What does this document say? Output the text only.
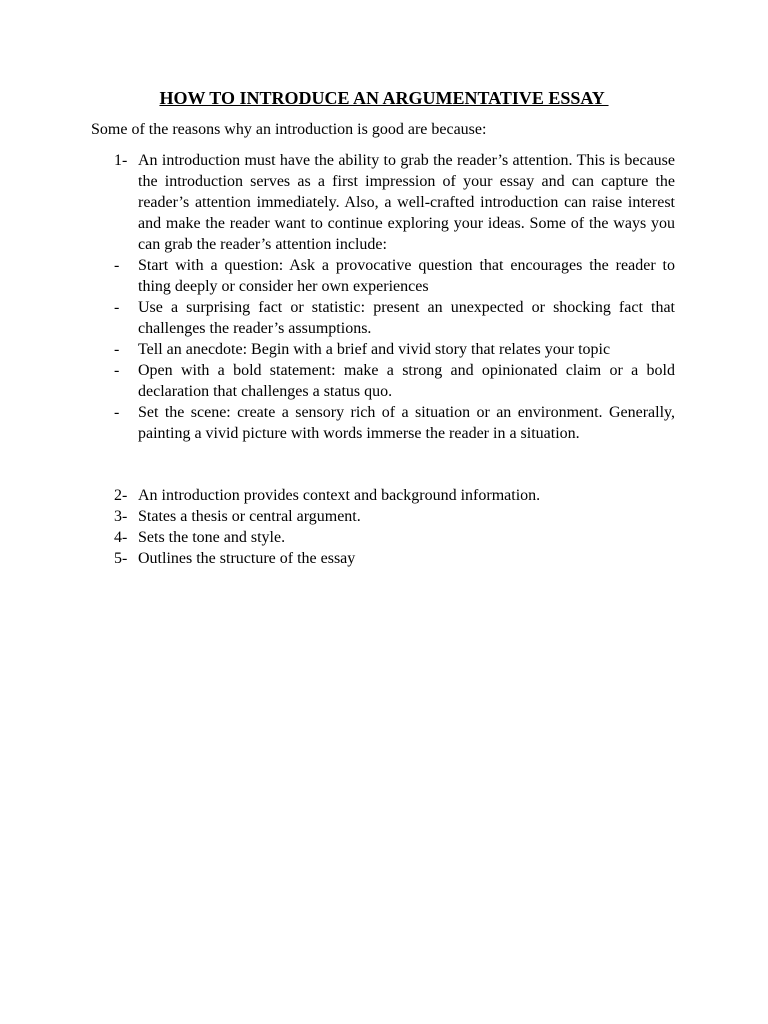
HOW TO INTRODUCE AN ARGUMENTATIVE ESSAY
Some of the reasons why an introduction is good are because:
1- An introduction must have the ability to grab the reader’s attention. This is because the introduction serves as a first impression of your essay and can capture the reader’s attention immediately. Also, a well-crafted introduction can raise interest and make the reader want to continue exploring your ideas. Some of the ways you can grab the reader’s attention include:
- Start with a question: Ask a provocative question that encourages the reader to thing deeply or consider her own experiences
- Use a surprising fact or statistic: present an unexpected or shocking fact that challenges the reader’s assumptions.
- Tell an anecdote: Begin with a brief and vivid story that relates your topic
- Open with a bold statement: make a strong and opinionated claim or a bold declaration that challenges a status quo.
- Set the scene: create a sensory rich of a situation or an environment. Generally, painting a vivid picture with words immerse the reader in a situation.
2- An introduction provides context and background information.
3- States a thesis or central argument.
4- Sets the tone and style.
5- Outlines the structure of the essay
